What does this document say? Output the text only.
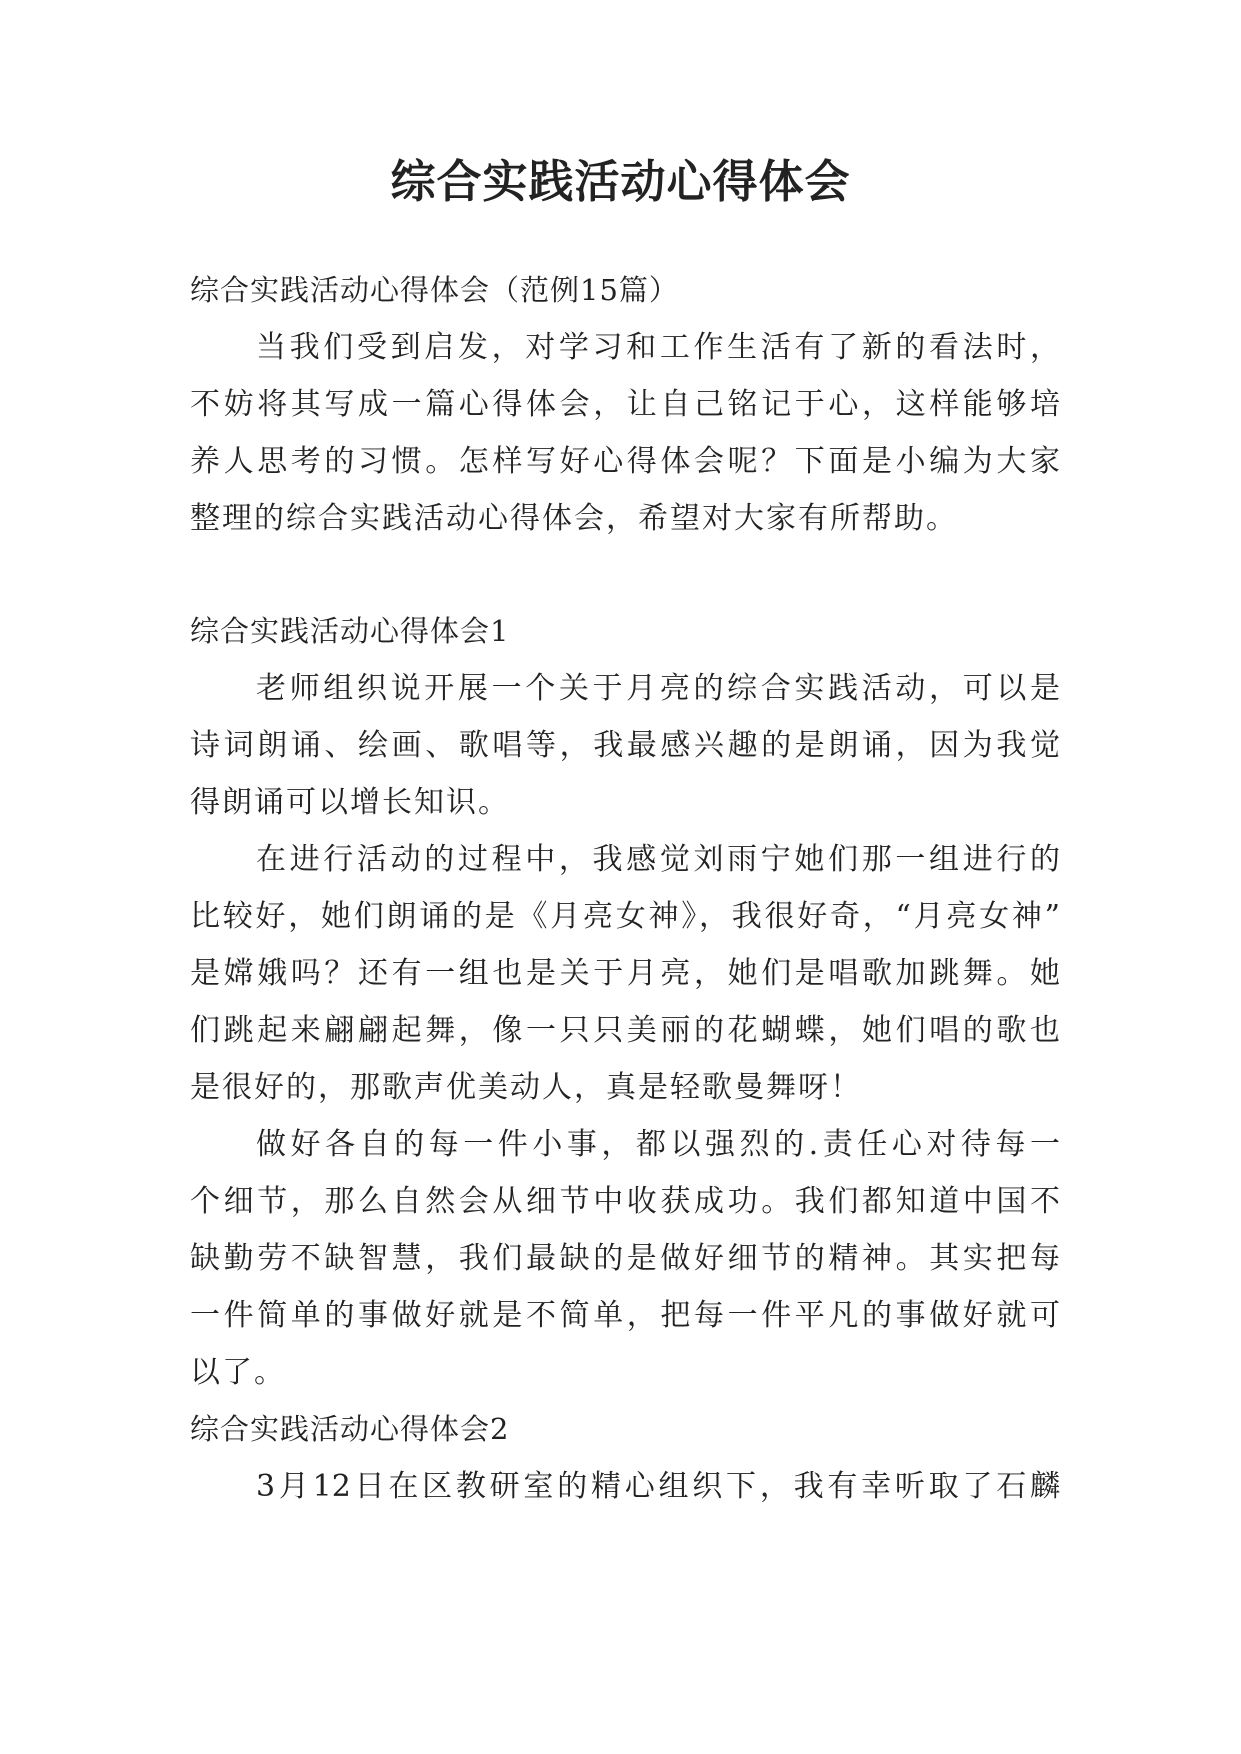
综合实践活动心得体会
综合实践活动心得体会（范例15篇）
当我们受到启发，对学习和工作生活有了新的看法时，
不妨将其写成一篇心得体会，让自己铭记于心，这样能够培
养人思考的习惯。怎样写好心得体会呢？下面是小编为大家
整理的综合实践活动心得体会，希望对大家有所帮助。
综合实践活动心得体会1
老师组织说开展一个关于月亮的综合实践活动，可以是
诗词朗诵、绘画、歌唱等，我最感兴趣的是朗诵，因为我觉
得朗诵可以增长知识。
在进行活动的过程中，我感觉刘雨宁她们那一组进行的
比较好，她们朗诵的是《月亮女神》，我很好奇，“月亮女神”
是嫦娥吗？还有一组也是关于月亮，她们是唱歌加跳舞。她
们跳起来翩翩起舞，像一只只美丽的花蝴蝶，她们唱的歌也
是很好的，那歌声优美动人，真是轻歌曼舞呀！
做好各自的每一件小事，都以强烈的.责任心对待每一
个细节，那么自然会从细节中收获成功。我们都知道中国不
缺勤劳不缺智慧，我们最缺的是做好细节的精神。其实把每
一件简单的事做好就是不简单，把每一件平凡的事做好就可
以了。
综合实践活动心得体会2
3月12日在区教研室的精心组织下，我有幸听取了石麟
